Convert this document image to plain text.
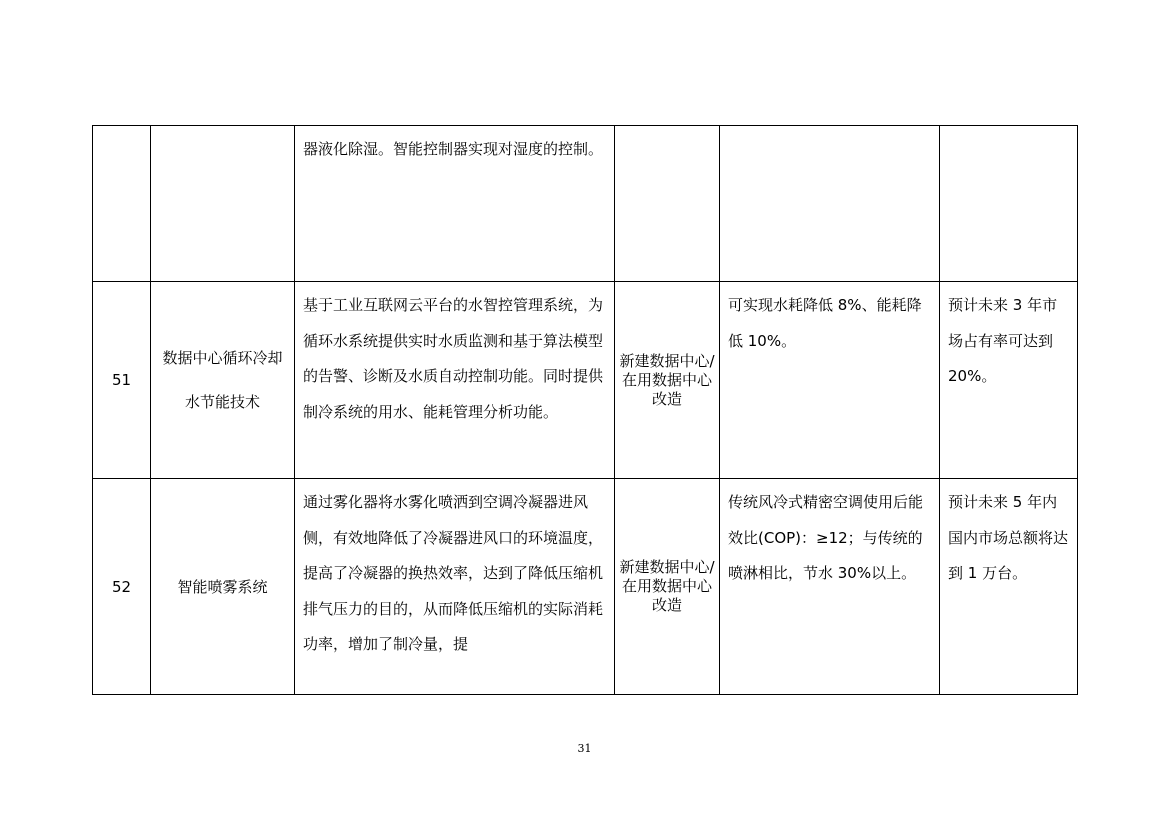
		器液化除湿。智能控制器实现对湿度的控制。			
51	数据中心循环冷却水节能技术	基于工业互联网云平台的水智控管理系统，为循环水系统提供实时水质监测和基于算法模型的告警、诊断及水质自动控制功能。同时提供制冷系统的用水、能耗管理分析功能。	新建数据中心/在用数据中心改造	可实现水耗降低 8%、能耗降低 10%。	预计未来 3 年市场占有率可达到 20%。
52	智能喷雾系统	通过雾化器将水雾化喷洒到空调冷凝器进风侧，有效地降低了冷凝器进风口的环境温度，提高了冷凝器的换热效率，达到了降低压缩机排气压力的目的，从而降低压缩机的实际消耗功率，增加了制冷量，提	新建数据中心/在用数据中心改造	传统风冷式精密空调使用后能效比(COP)：≥12；与传统的喷淋相比，节水 30%以上。	预计未来 5 年内国内市场总额将达到 1 万台。
31
